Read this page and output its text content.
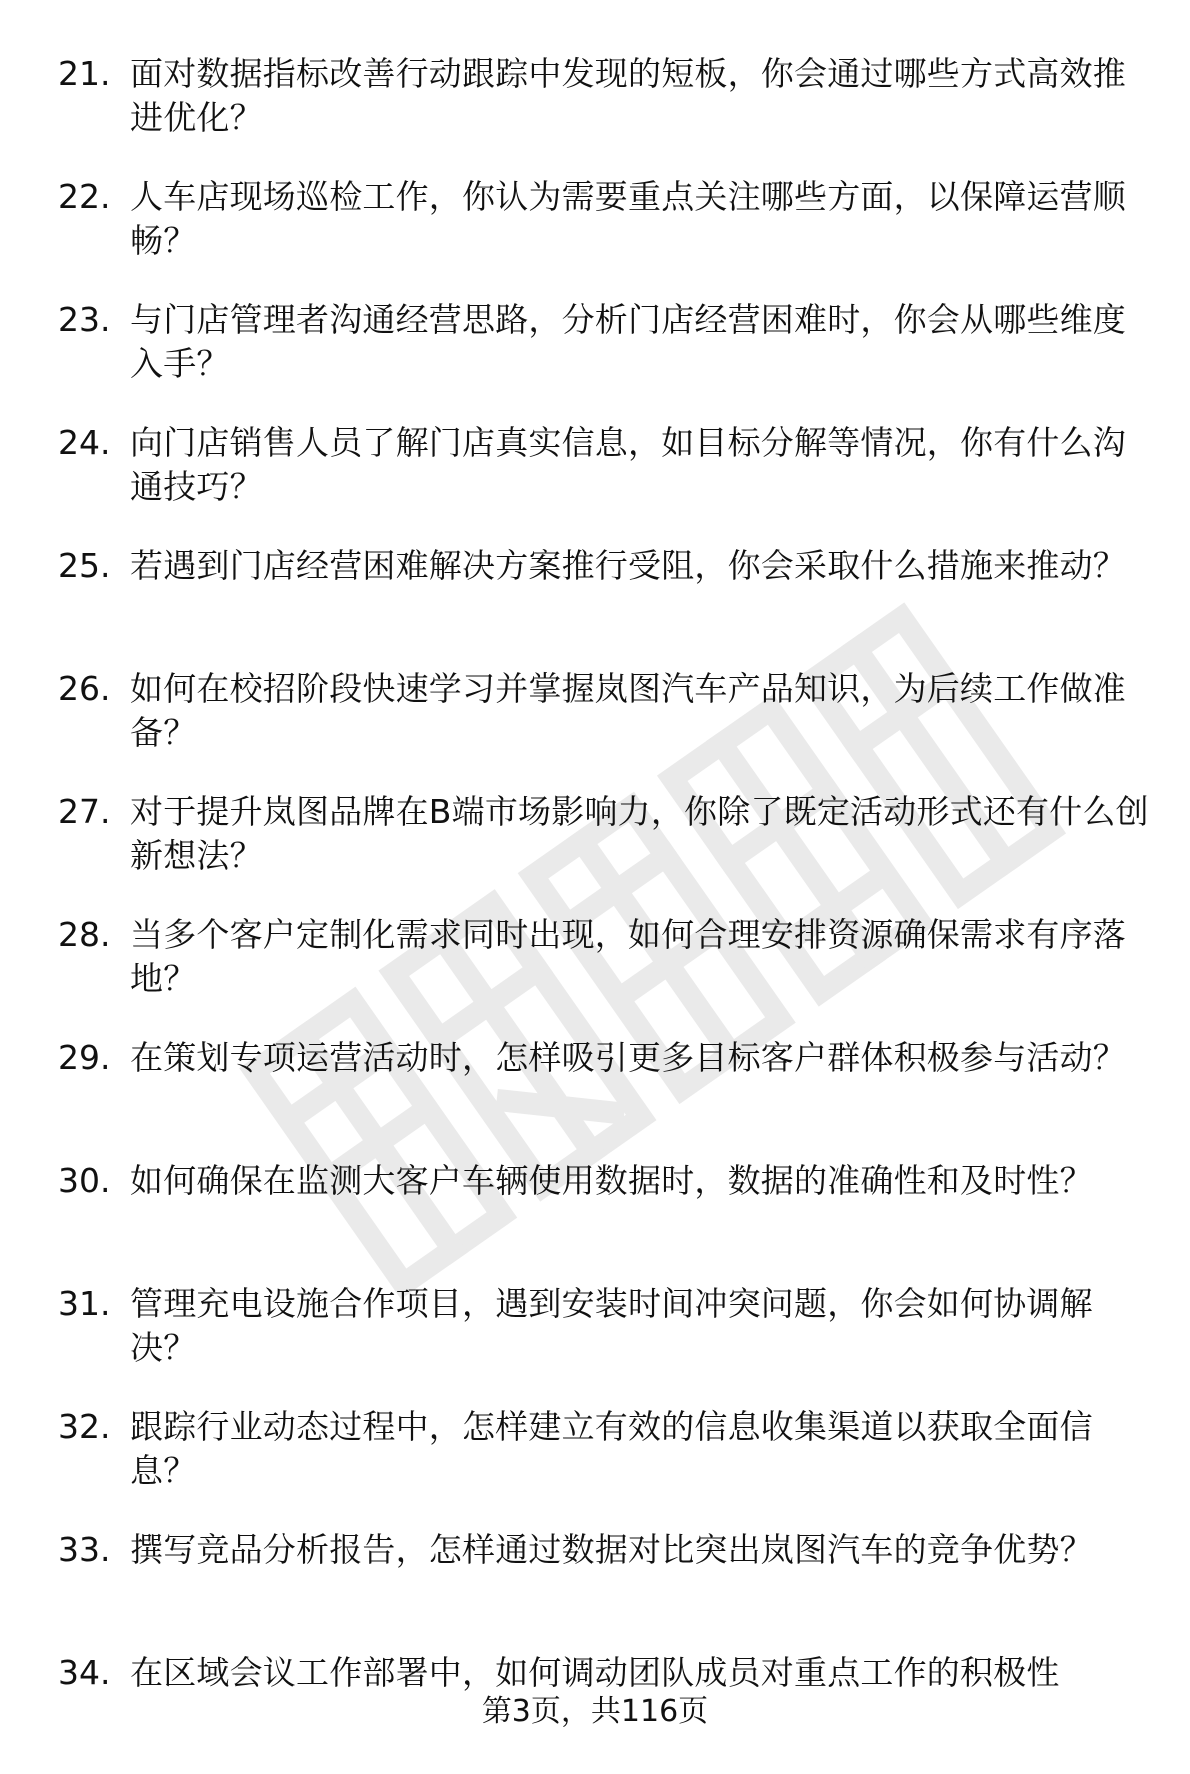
21. 面对数据指标改善行动跟踪中发现的短板，你会通过哪些方式高效推进优化？
22. 人车店现场巡检工作，你认为需要重点关注哪些方面，以保障运营顺畅？
23. 与门店管理者沟通经营思路，分析门店经营困难时，你会从哪些维度入手？
24. 向门店销售人员了解门店真实信息，如目标分解等情况，你有什么沟通技巧？
25. 若遇到门店经营困难解决方案推行受阻，你会采取什么措施来推动？
26. 如何在校招阶段快速学习并掌握岚图汽车产品知识，为后续工作做准备？
27. 对于提升岚图品牌在B端市场影响力，你除了既定活动形式还有什么创新想法？
28. 当多个客户定制化需求同时出现，如何合理安排资源确保需求有序落地？
29. 在策划专项运营活动时，怎样吸引更多目标客户群体积极参与活动？
30. 如何确保在监测大客户车辆使用数据时，数据的准确性和及时性？
31. 管理充电设施合作项目，遇到安装时间冲突问题，你会如何协调解决？
32. 跟踪行业动态过程中，怎样建立有效的信息收集渠道以获取全面信息？
33. 撰写竞品分析报告，怎样通过数据对比突出岚图汽车的竞争优势？
34. 在区域会议工作部署中，如何调动团队成员对重点工作的积极性
第3页，共116页
